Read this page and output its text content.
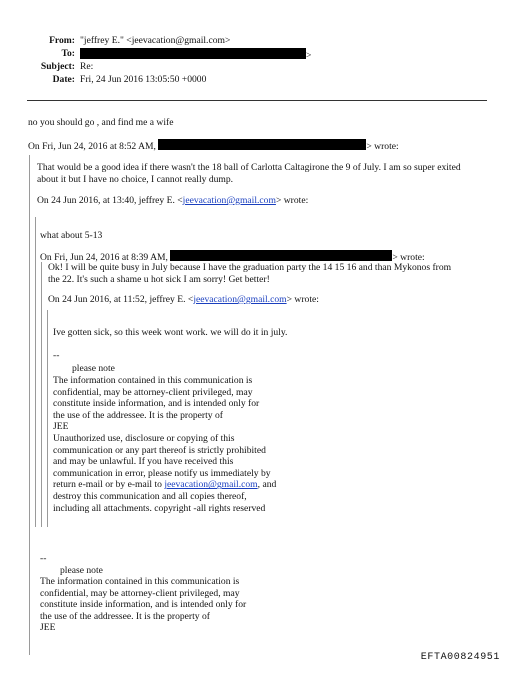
From: "jeffrey E." <jeevacation@gmail.com>
To:	>
Subject: Re:
Date: Fri, 24 Jun 2016 13:05:50 +0000
no you should go , and find me a wife
On Fri, Jun 24, 2016 at 8:52 AM,	> wrote:
That would be a good idea if there wasn't the 18 ball of Carlotta Caltagirone the 9 of July. I am so super exited
about it but I have no choice, I cannot really dump.
On 24 Jun 2016, at 13:40, jeffrey E. <jeevacation@gmail.com> wrote:
what about 5-13
On Fri, Jun 24, 2016 at 8:39 AM,	> wrote:
Ok! I will be quite busy in July because I have the graduation party the 14 15 16 and than Mykonos from
the 22. It's such a shame u hot sick I am sorry! Get better!
On 24 Jun 2016, at 11:52, jeffrey E. <jeevacation@gmail.com> wrote:
Ive gotten sick, so this week wont work. we will do it in july.
--
please note
The information contained in this communication is
confidential, may be attorney-client privileged, may
constitute inside information, and is intended only for
the use of the addressee. It is the property of
JEE
Unauthorized use, disclosure or copying of this
communication or any part thereof is strictly prohibited
and may be unlawful. If you have received this
communication in error, please notify us immediately by
return e-mail or by e-mail to jeevacation@gmail.com, and
destroy this communication and all copies thereof,
including all attachments. copyright -all rights reserved
--
please note
The information contained in this communication is
confidential, may be attorney-client privileged, may
constitute inside information, and is intended only for
the use of the addressee. It is the property of
JEE
EFTA00824951
